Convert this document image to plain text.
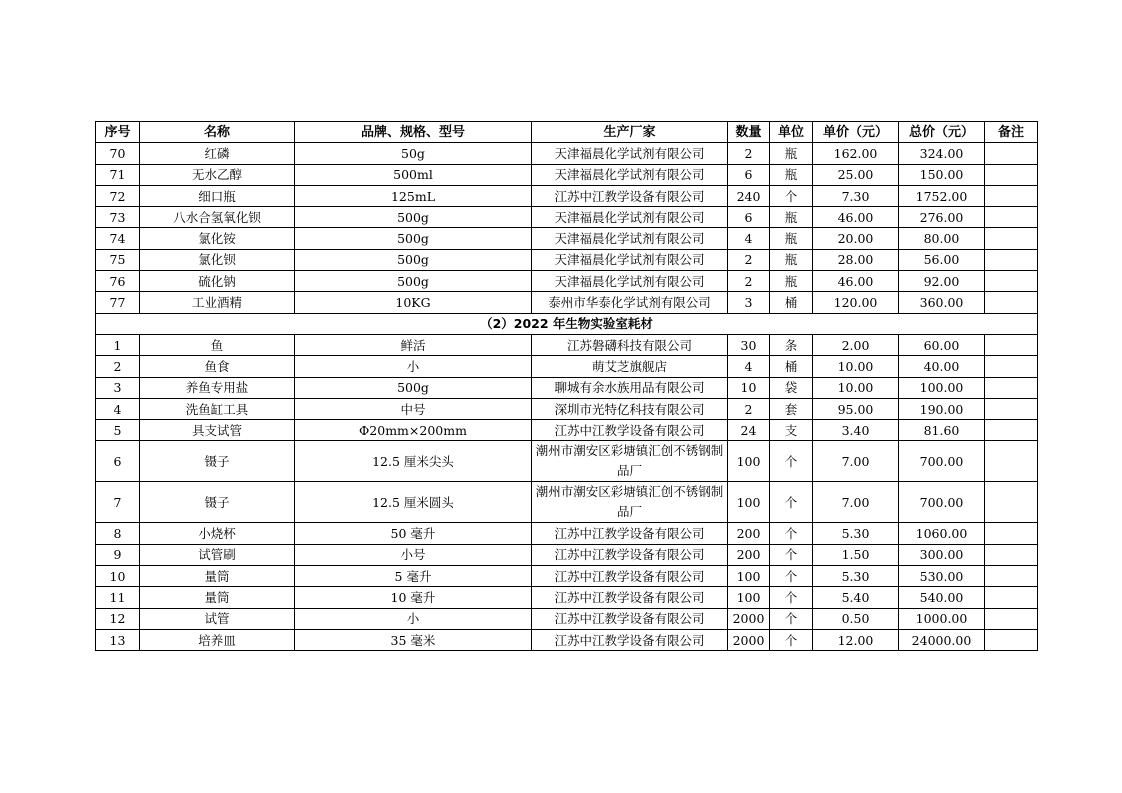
序号	名称	品牌、规格、型号	生产厂家	数量	单位	单价（元）	总价（元）	备注
70	红磷	50g	天津福晨化学试剂有限公司	2	瓶	162.00	324.00	
71	无水乙醇	500ml	天津福晨化学试剂有限公司	6	瓶	25.00	150.00	
72	细口瓶	125mL	江苏中江教学设备有限公司	240	个	7.30	1752.00	
73	八水合氢氧化钡	500g	天津福晨化学试剂有限公司	6	瓶	46.00	276.00	
74	氯化铵	500g	天津福晨化学试剂有限公司	4	瓶	20.00	80.00	
75	氯化钡	500g	天津福晨化学试剂有限公司	2	瓶	28.00	56.00	
76	硫化钠	500g	天津福晨化学试剂有限公司	2	瓶	46.00	92.00	
77	工业酒精	10KG	泰州市华泰化学试剂有限公司	3	桶	120.00	360.00	
（2）2022 年生物实验室耗材								
1	鱼	鲜活	江苏磐礴科技有限公司	30	条	2.00	60.00	
2	鱼食	小	萌艾芝旗舰店	4	桶	10.00	40.00	
3	养鱼专用盐	500g	聊城有余水族用品有限公司	10	袋	10.00	100.00	
4	洗鱼缸工具	中号	深圳市光特亿科技有限公司	2	套	95.00	190.00	
5	具支试管	Φ20mm×200mm	江苏中江教学设备有限公司	24	支	3.40	81.60	
6	镊子	12.5 厘米尖头	潮州市潮安区彩塘镇汇创不锈钢制品厂	100	个	7.00	700.00	
7	镊子	12.5 厘米圆头	潮州市潮安区彩塘镇汇创不锈钢制品厂	100	个	7.00	700.00	
8	小烧杯	50 毫升	江苏中江教学设备有限公司	200	个	5.30	1060.00	
9	试管刷	小号	江苏中江教学设备有限公司	200	个	1.50	300.00	
10	量筒	5 毫升	江苏中江教学设备有限公司	100	个	5.30	530.00	
11	量筒	10 毫升	江苏中江教学设备有限公司	100	个	5.40	540.00	
12	试管	小	江苏中江教学设备有限公司	2000	个	0.50	1000.00	
13	培养皿	35 毫米	江苏中江教学设备有限公司	2000	个	12.00	24000.00	
